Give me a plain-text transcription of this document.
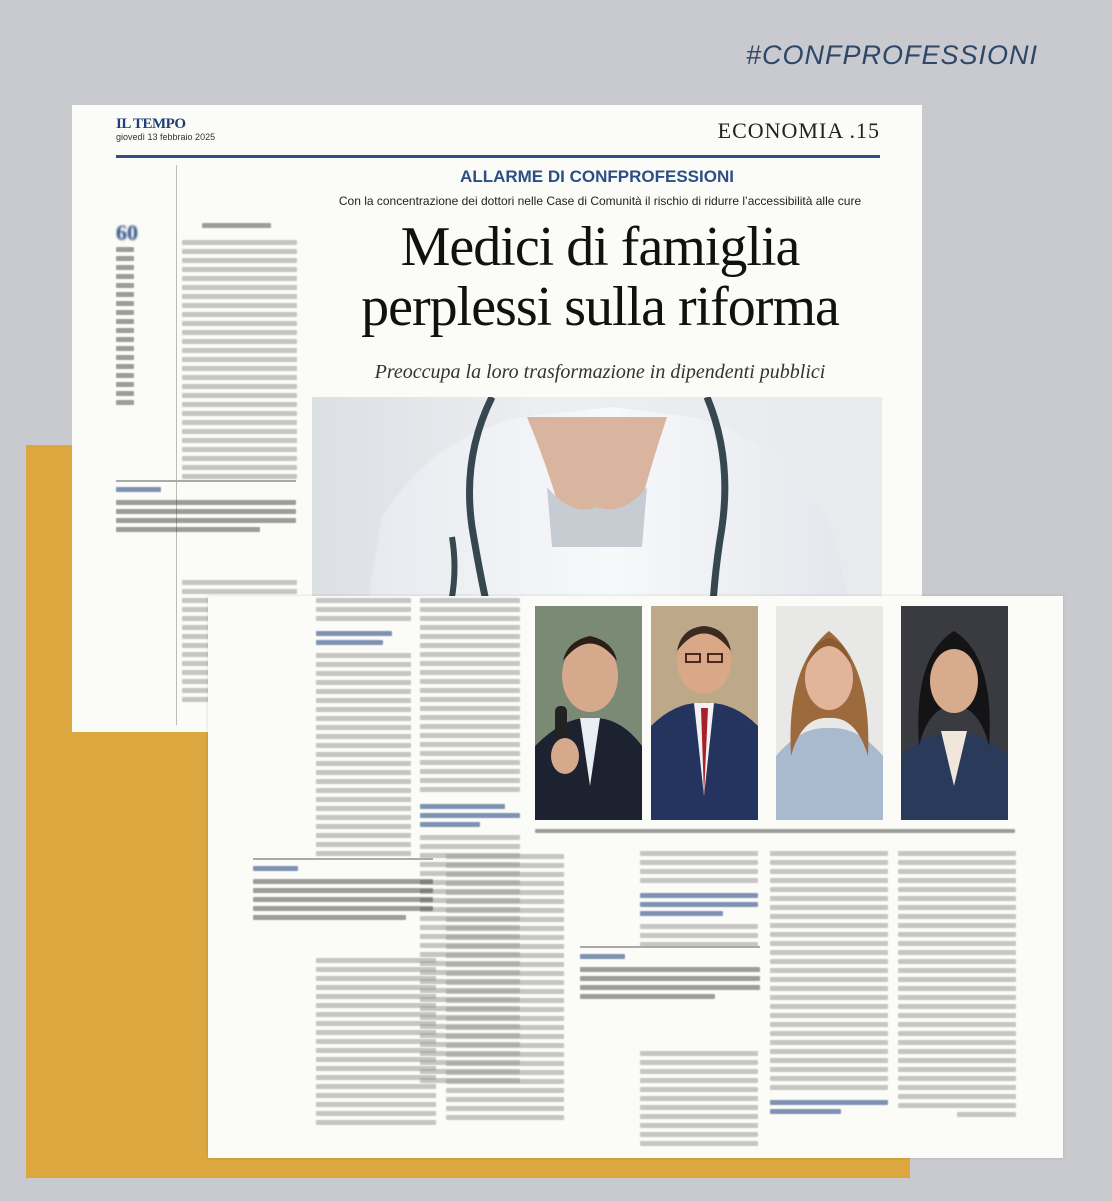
#CONFPROFESSIONI
IL TEMPO
giovedì 13 febbraio 2025	ECONOMIA .15
ALLARME DI CONFPROFESSIONI
Con la concentrazione dei dottori nelle Case di Comunità il rischio di ridurre l’accessibilità alle cure
Medici di famiglia
perplessi sulla riforma
Preoccupa la loro trasformazione in dipendenti pubblici
60
